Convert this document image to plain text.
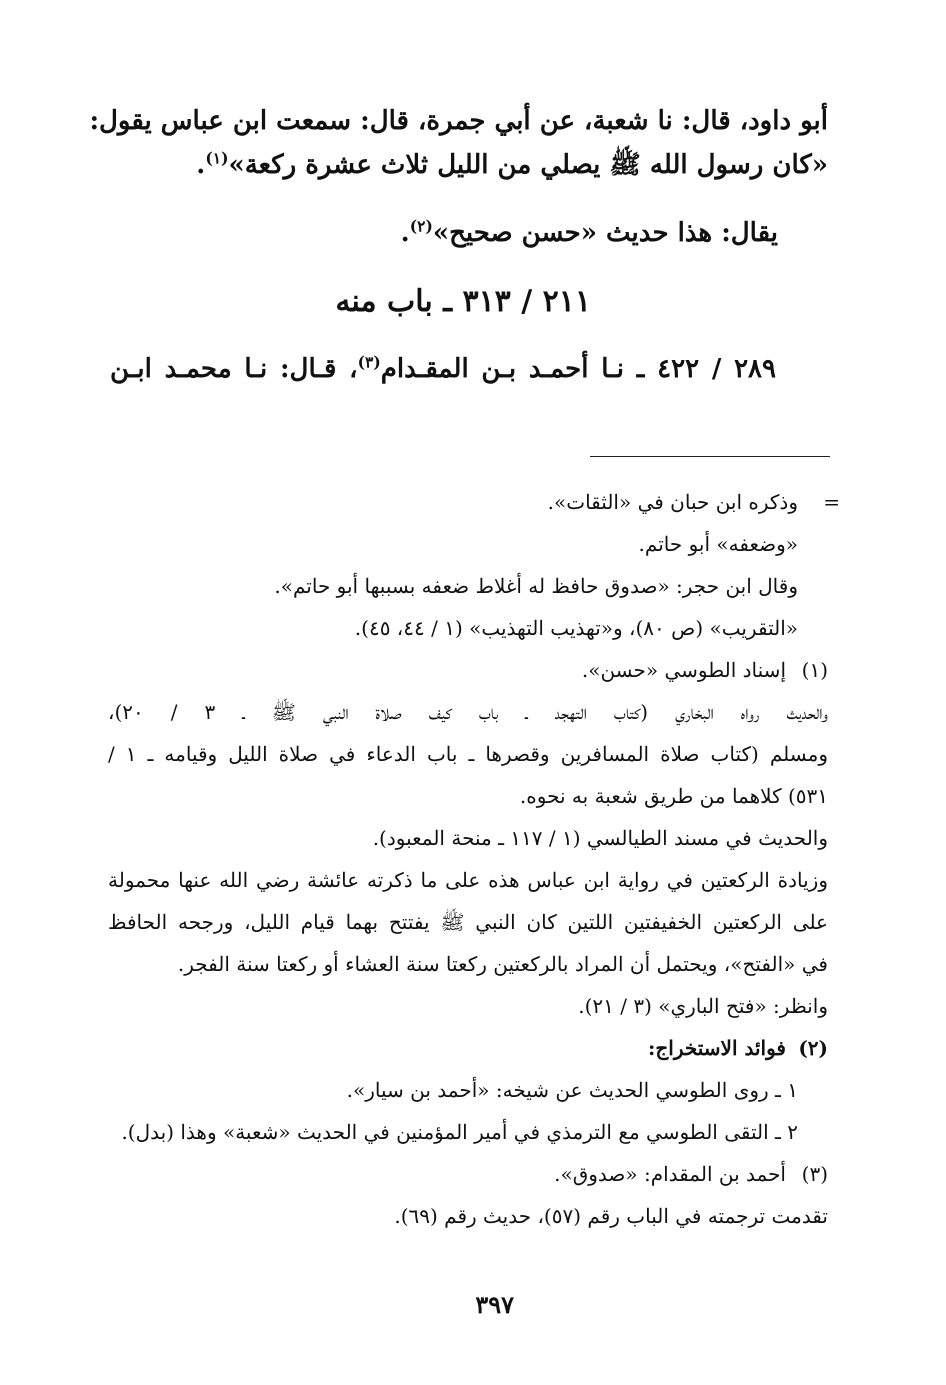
أبو داود، قال: نا شعبة، عن أبي جمرة، قال: سمعت ابن عباس يقول:
«كان رسول الله ﷺ يصلي من الليل ثلاث عشرة ركعة»$^{(١)}$.
يقال: هذا حديث «حسن صحيح»$^{(٢)}$.
٢١١ / ٣١٣ ـ باب منه
٢٨٩ / ٤٢٢ ـ نـا أحمـد بـن المقـدام$^{(٣)}$، قـال: نـا محمـد ابـن
=
وذكره ابن حبان في «الثقات».
«وضعفه» أبو حاتم.
وقال ابن حجر: «صدوق حافظ له أغلاط ضعفه بسببها أبو حاتم».
«التقريب» (ص ٨٠)، و«تهذيب التهذيب» (١ / ٤٤، ٤٥).
(١)
إسناد الطوسي «حسن».
والحديث رواه البخاري (كتاب التهجد ـ باب كيف صلاة النبي ﷺ ـ ٣ / ٢٠)،
ومسلم (كتاب صلاة المسافرين وقصرها ـ باب الدعاء في صلاة الليل وقيامه ـ ١ /
٥٣١) كلاهما من طريق شعبة به نحوه.
والحديث في مسند الطيالسي (١ / ١١٧ ـ منحة المعبود).
وزيادة الركعتين في رواية ابن عباس هذه على ما ذكرته عائشة رضي الله عنها محمولة
على الركعتين الخفيفتين اللتين كان النبي ﷺ يفتتح بهما قيام الليل، ورجحه الحافظ
في «الفتح»، ويحتمل أن المراد بالركعتين ركعتا سنة العشاء أو ركعتا سنة الفجر.
وانظر: «فتح الباري» (٣ / ٢١).
(٢)
فوائد الاستخراج:
١ ـ روى الطوسي الحديث عن شيخه: «أحمد بن سيار».
٢ ـ التقى الطوسي مع الترمذي في أمير المؤمنين في الحديث «شعبة» وهذا (بدل).
(٣)
أحمد بن المقدام: «صدوق».
تقدمت ترجمته في الباب رقم (٥٧)، حديث رقم (٦٩).
٣٩٧
